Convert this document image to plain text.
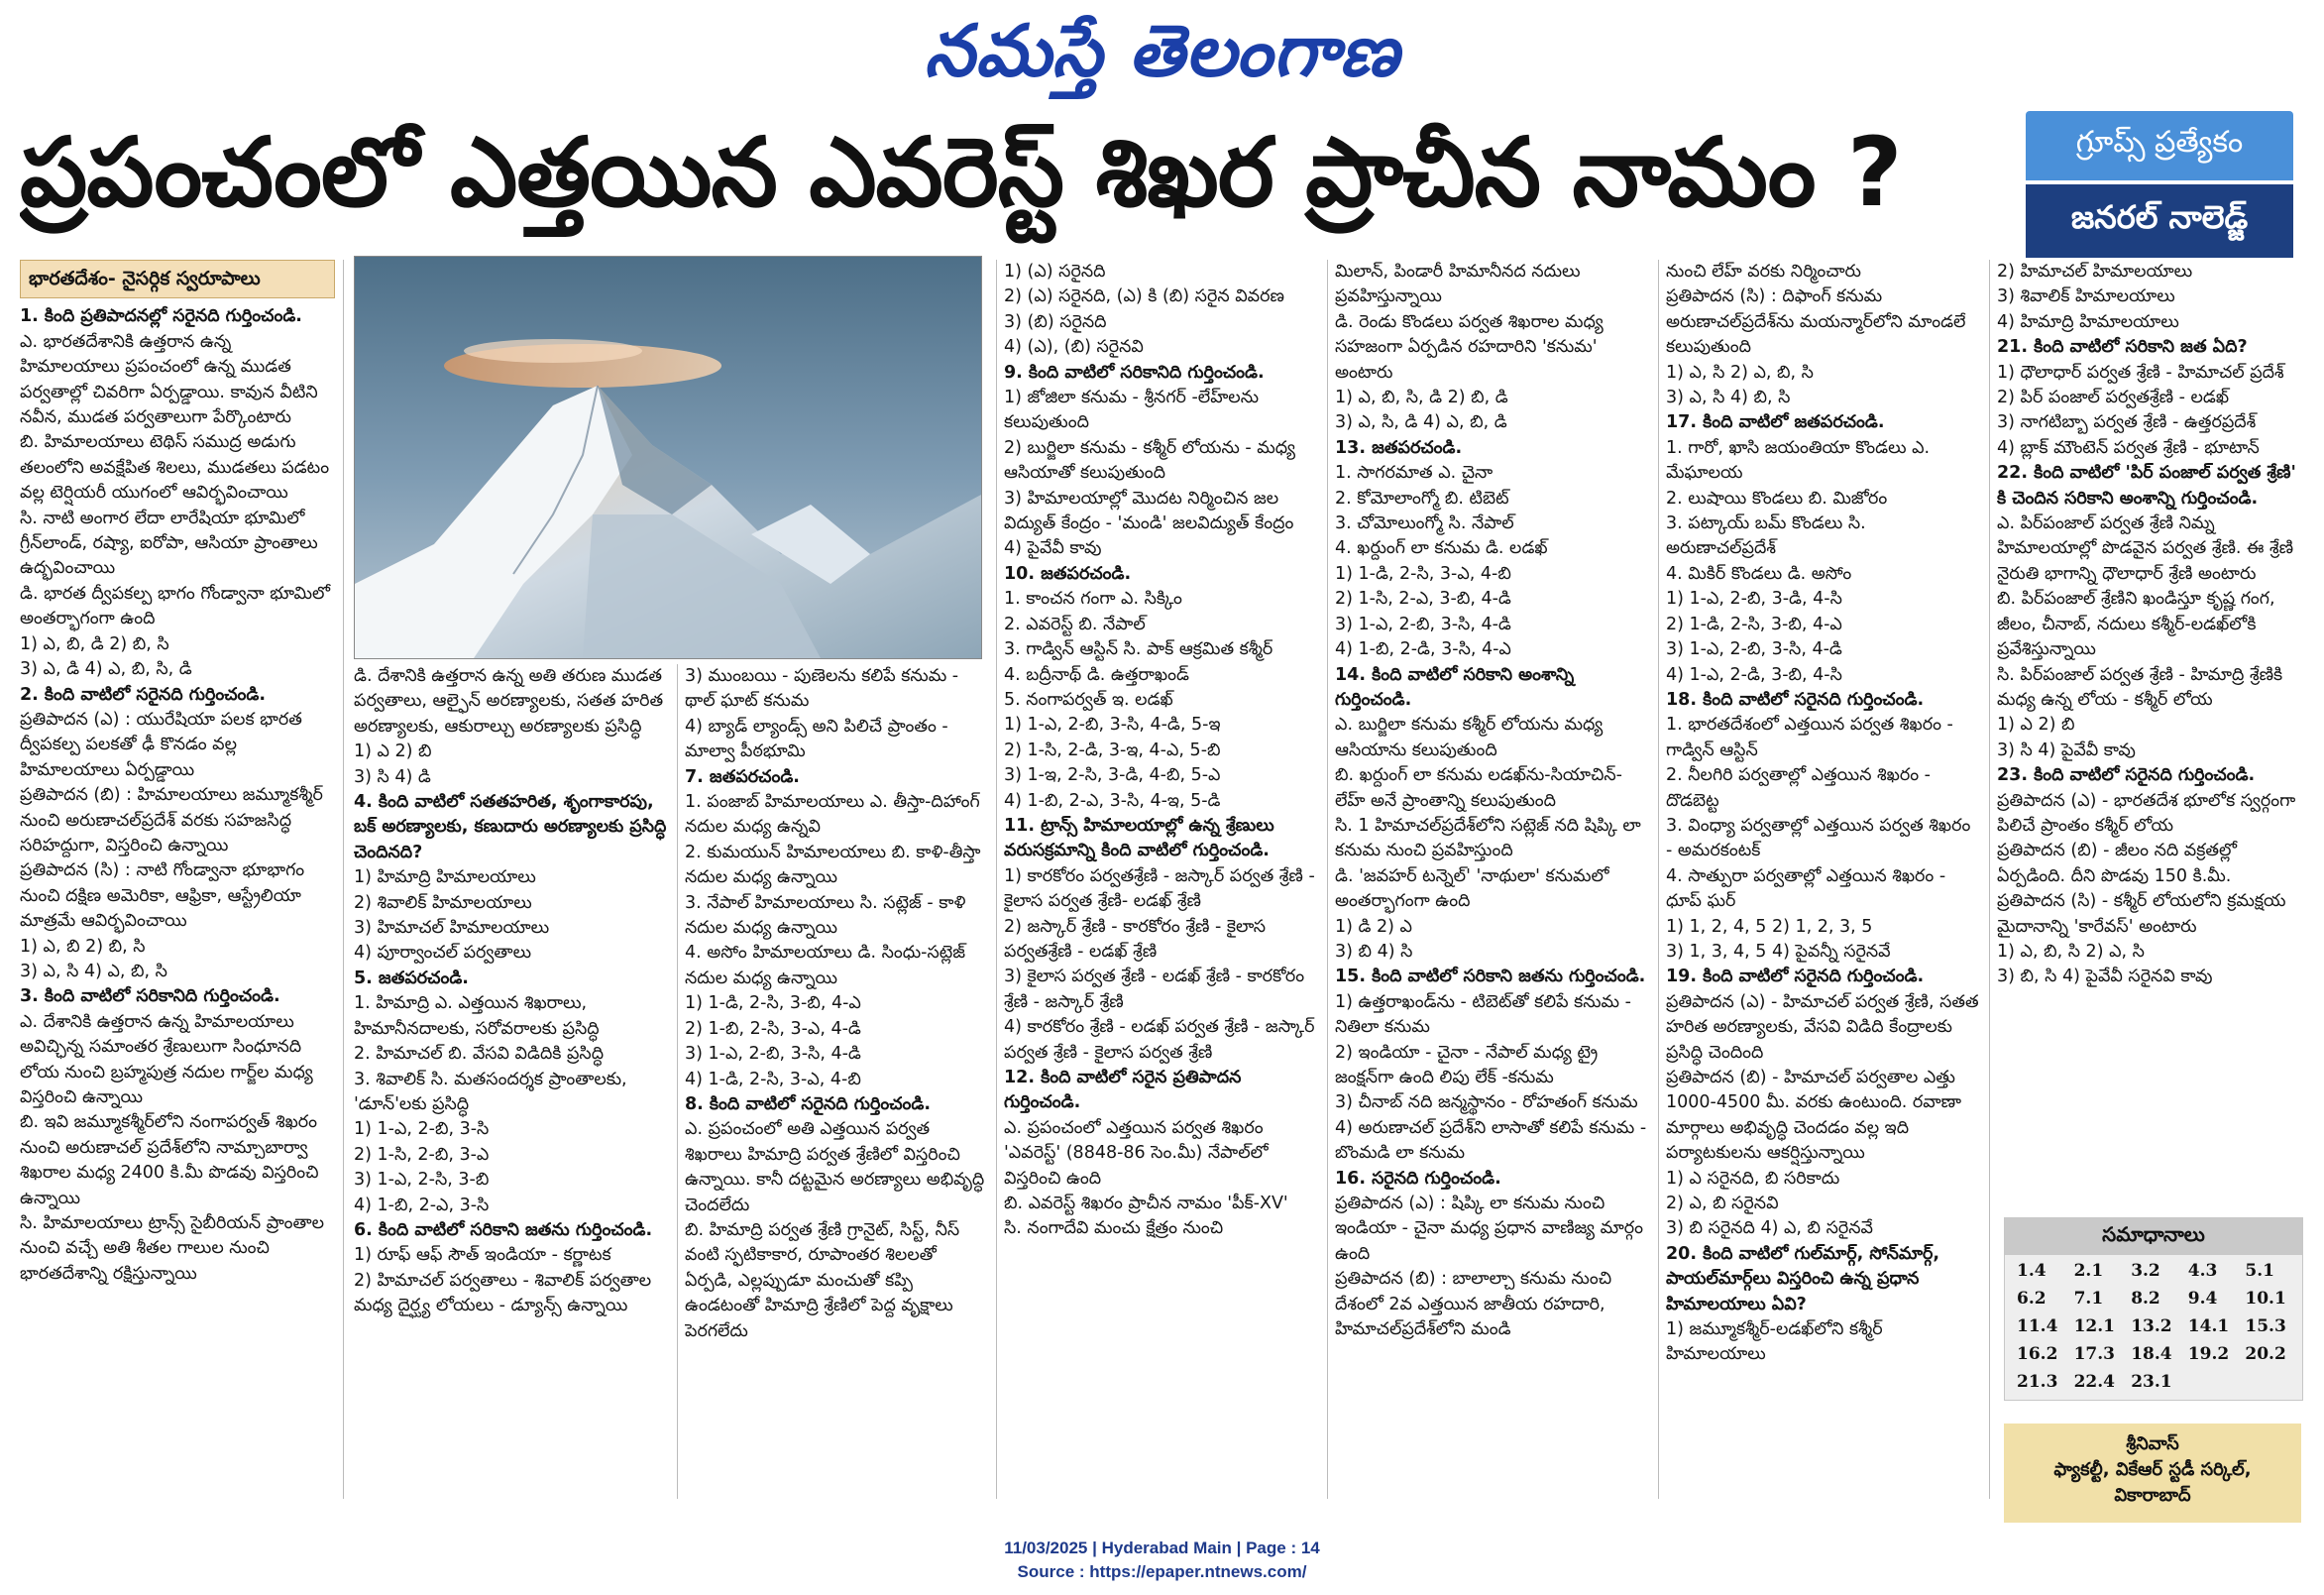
నమస్తే తెలంగాణ
ప్రపంచంలో ఎత్తయిన ఎవరెస్ట్ శిఖర ప్రాచీన నామం ?	గ్రూప్స్ ప్రత్యేకం
జనరల్ నాలెడ్జ్
భారతదేశం- నైసర్గిక స్వరూపాలు

1. కింది ప్రతిపాదనల్లో సరైనది గుర్తించండి.

ఎ. భారతదేశానికి ఉత్తరాన ఉన్న హిమాలయాలు ప్రపంచంలో ఉన్న ముడత పర్వతాల్లో చివరిగా ఏర్పడ్డాయి. కావున వీటిని నవీన, ముడత పర్వతాలుగా పేర్కొంటారు

బి. హిమాలయాలు టెథిస్ సముద్ర అడుగు తలంలోని అవక్షేపిత శిలలు, ముడతలు పడటం వల్ల టెర్షియరీ యుగంలో ఆవిర్భవించాయి

సి. నాటి అంగార లేదా లారేషియా భూమిలో గ్రీన్‌లాండ్, రష్యా, ఐరోపా, ఆసియా ప్రాంతాలు ఉద్భవించాయి

డి. భారత ద్వీపకల్ప భాగం గోండ్వానా భూమిలో అంతర్భాగంగా ఉంది

1) ఎ, బి, డి 2) బి, సి

3) ఎ, డి 4) ఎ, బి, సి, డి

2. కింది వాటిలో సరైనది గుర్తించండి.

ప్రతిపాదన (ఎ) : యురేషియా పలక భారత ద్వీపకల్ప పలకతో ఢీ కొనడం వల్ల హిమాలయాలు ఏర్పడ్డాయి

ప్రతిపాదన (బి) : హిమాలయాలు జమ్మూకశ్మీర్ నుంచి అరుణాచల్‌ప్రదేశ్ వరకు సహజసిద్ధ సరిహద్దుగా, విస్తరించి ఉన్నాయి

ప్రతిపాదన (సి) : నాటి గోండ్వానా భూభాగం నుంచి దక్షిణ అమెరికా, ఆఫ్రికా, ఆస్ట్రేలియా మాత్రమే ఆవిర్భవించాయి

1) ఎ, బి 2) బి, సి

3) ఎ, సి 4) ఎ, బి, సి

3. కింది వాటిలో సరికానిది గుర్తించండి.

ఎ. దేశానికి ఉత్తరాన ఉన్న హిమాలయాలు అవిచ్ఛిన్న సమాంతర శ్రేణులుగా సింధూనది లోయ నుంచి బ్రహ్మపుత్ర నదుల గార్జ్‌ల మధ్య విస్తరించి ఉన్నాయి

బి. ఇవి జమ్మూకశ్మీర్‌లోని నంగాపర్వత్ శిఖరం నుంచి అరుణాచల్ ప్రదేశ్‌లోని నామ్చాబార్వా శిఖరాల మధ్య 2400 కి.మీ పొడవు విస్తరించి ఉన్నాయి

సి. హిమాలయాలు ట్రాన్స్ సైబీరియన్ ప్రాంతాల నుంచి వచ్చే అతి శీతల గాలుల నుంచి భారతదేశాన్ని రక్షిస్తున్నాయి

డి. దేశానికి ఉత్తరాన ఉన్న అతి తరుణ ముడత పర్వతాలు, ఆల్ఫైన్ అరణ్యాలకు, సతత హరిత అరణ్యాలకు, ఆకురాల్చు అరణ్యాలకు ప్రసిద్ధి

1) ఎ 2) బి

3) సి 4) డి

4. కింది వాటిలో సతతహరిత, శృంగాకారపు, బక్ అరణ్యాలకు, కణుదారు అరణ్యాలకు ప్రసిద్ధి చెందినది?

1) హిమాద్రి హిమాలయాలు

2) శివాలిక్ హిమాలయాలు

3) హిమాచల్ హిమాలయాలు

4) పూర్వాంచల్ పర్వతాలు

5. జతపరచండి.

1. హిమాద్రి ఎ. ఎత్తయిన శిఖరాలు, హిమానీనదాలకు, సరోవరాలకు ప్రసిద్ధి

2. హిమాచల్ బి. వేసవి విడిదికి ప్రసిద్ధి

3. శివాలిక్ సి. మతసందర్శక ప్రాంతాలకు, 'డూన్'లకు ప్రసిద్ధి

1) 1-ఎ, 2-బి, 3-సి

2) 1-సి, 2-బి, 3-ఎ

3) 1-ఎ, 2-సి, 3-బి

4) 1-బి, 2-ఎ, 3-సి

6. కింది వాటిలో సరికాని జతను గుర్తించండి.

1) రూఫ్ ఆఫ్ సౌత్ ఇండియా - కర్ణాటక

2) హిమాచల్ పర్వతాలు - శివాలిక్ పర్వతాల మధ్య దైర్ఘ్య లోయలు - డ్యూన్స్ ఉన్నాయి

3) ముంబయి - పుణెలను కలిపే కనుమ - థాల్ ఘాట్ కనుమ

4) బ్యాడ్ ల్యాండ్స్ అని పిలిచే ప్రాంతం - మాల్వా పీఠభూమి

7. జతపరచండి.

1. పంజాబ్ హిమాలయాలు ఎ. తీస్తా-దిహాంగ్ నదుల మధ్య ఉన్నవి

2. కుమయున్ హిమాలయాలు బి. కాళి-తీస్తా నదుల మధ్య ఉన్నాయి

3. నేపాల్ హిమాలయాలు సి. సట్లెజ్ - కాళి నదుల మధ్య ఉన్నాయి

4. అసోం హిమాలయాలు డి. సింధు-సట్లెజ్ నదుల మధ్య ఉన్నాయి

1) 1-డి, 2-సి, 3-బి, 4-ఎ

2) 1-బి, 2-సి, 3-ఎ, 4-డి

3) 1-ఎ, 2-బి, 3-సి, 4-డి

4) 1-డి, 2-సి, 3-ఎ, 4-బి

8. కింది వాటిలో సరైనది గుర్తించండి.

ఎ. ప్రపంచంలో అతి ఎత్తయిన పర్వత శిఖరాలు హిమాద్రి పర్వత శ్రేణిలో విస్తరించి ఉన్నాయి. కానీ దట్టమైన అరణ్యాలు అభివృద్ధి చెందలేదు

బి. హిమాద్రి పర్వత శ్రేణి గ్రానైట్, సిస్ట్, నీస్ వంటి స్ఫటికాకార, రూపాంతర శిలలతో ఏర్పడి, ఎల్లప్పుడూ మంచుతో కప్పి ఉండటంతో హిమాద్రి శ్రేణిలో పెద్ద వృక్షాలు పెరగలేదు

1) (ఎ) సరైనది

2) (ఎ) సరైనది, (ఎ) కి (బి) సరైన వివరణ

3) (బి) సరైనది

4) (ఎ), (బి) సరైనవి

9. కింది వాటిలో సరికానిది గుర్తించండి.

1) జోజిలా కనుమ - శ్రీనగర్ -లేహ్‌లను కలుపుతుంది

2) బుర్జిలా కనుమ - కశ్మీర్ లోయను - మధ్య ఆసియాతో కలుపుతుంది

3) హిమాలయాల్లో మొదట నిర్మించిన జల విద్యుత్ కేంద్రం - 'మండి' జలవిద్యుత్ కేంద్రం

4) పైవేవీ కావు

10. జతపరచండి.

1. కాంచన గంగా ఎ. సిక్కిం

2. ఎవరెస్ట్ బి. నేపాల్

3. గాడ్విన్ ఆస్టిన్ సి. పాక్ ఆక్రమిత కశ్మీర్

4. బద్రీనాథ్ డి. ఉత్తరాఖండ్

5. నంగాపర్వత్ ఇ. లడఖ్

1) 1-ఎ, 2-బి, 3-సి, 4-డి, 5-ఇ

2) 1-సి, 2-డి, 3-ఇ, 4-ఎ, 5-బి

3) 1-ఇ, 2-సి, 3-డి, 4-బి, 5-ఎ

4) 1-బి, 2-ఎ, 3-సి, 4-ఇ, 5-డి

11. ట్రాన్స్ హిమాలయాల్లో ఉన్న శ్రేణులు వరుసక్రమాన్ని కింది వాటిలో గుర్తించండి.

1) కారకోరం పర్వతశ్రేణి - జస్కార్ పర్వత శ్రేణి - కైలాస పర్వత శ్రేణి- లడఖ్ శ్రేణి

2) జస్కార్ శ్రేణి - కారకోరం శ్రేణి - కైలాస పర్వతశ్రేణి - లడఖ్ శ్రేణి

3) కైలాస పర్వత శ్రేణి - లడఖ్ శ్రేణి - కారకోరం శ్రేణి - జస్కార్ శ్రేణి

4) కారకోరం శ్రేణి - లడఖ్ పర్వత శ్రేణి - జస్కార్ పర్వత శ్రేణి - కైలాస పర్వత శ్రేణి

12. కింది వాటిలో సరైన ప్రతిపాదన గుర్తించండి.

ఎ. ప్రపంచంలో ఎత్తయిన పర్వత శిఖరం 'ఎవరెస్ట్' (8848-86 సెం.మీ) నేపాల్‌లో విస్తరించి ఉంది

బి. ఎవరెస్ట్ శిఖరం ప్రాచీన నామం 'పీక్-XV'

సి. నంగాదేవి మంచు క్షేత్రం నుంచి

మిలాన్, పిండారీ హిమానీనద నదులు ప్రవహిస్తున్నాయి

డి. రెండు కొండలు పర్వత శిఖరాల మధ్య సహజంగా ఏర్పడిన రహదారిని 'కనుమ' అంటారు

1) ఎ, బి, సి, డి 2) బి, డి

3) ఎ, సి, డి 4) ఎ, బి, డి

13. జతపరచండి.

1. సాగరమాత ఎ. చైనా

2. కోమోలాంగ్మో బి. టిబెట్

3. చోమోలుంగ్మో సి. నేపాల్

4. ఖర్దుంగ్ లా కనుమ డి. లడఖ్

1) 1-డి, 2-సి, 3-ఎ, 4-బి

2) 1-సి, 2-ఎ, 3-బి, 4-డి

3) 1-ఎ, 2-బి, 3-సి, 4-డి

4) 1-బి, 2-డి, 3-సి, 4-ఎ

14. కింది వాటిలో సరికాని అంశాన్ని గుర్తించండి.

ఎ. బుర్జిలా కనుమ కశ్మీర్ లోయను మధ్య ఆసియాను కలుపుతుంది

బి. ఖర్దుంగ్ లా కనుమ లడఖ్‌ను-సియాచిన్-లేహ్ అనే ప్రాంతాన్ని కలుపుతుంది

సి. 1 హిమాచల్‌ప్రదేశ్‌లోని సట్లెజ్ నది షిప్కి లా కనుమ నుంచి ప్రవహిస్తుంది

డి. 'జవహర్ టన్నెల్' 'నాథులా' కనుమలో అంతర్భాగంగా ఉంది

1) డి 2) ఎ

3) బి 4) సి

15. కింది వాటిలో సరికాని జతను గుర్తించండి.

1) ఉత్తరాఖండ్‌ను - టిబెట్‌తో కలిపే కనుమ - నితిలా కనుమ

2) ఇండియా - చైనా - నేపాల్ మధ్య ట్రై జంక్షన్‌గా ఉంది లిపు లేక్ -కనుమ

3) చీనాబ్ నది జన్మస్థానం - రోహతంగ్ కనుమ

4) అరుణాచల్ ప్రదేశ్‌ని లాసాతో కలిపే కనుమ - బొంమడి లా కనుమ

16. సరైనది గుర్తించండి.

ప్రతిపాదన (ఎ) : షిప్కి లా కనుమ నుంచి ఇండియా - చైనా మధ్య ప్రధాన వాణిజ్య మార్గం ఉంది

ప్రతిపాదన (బి) : బాలాల్చా కనుమ నుంచి దేశంలో 2వ ఎత్తయిన జాతీయ రహదారి, హిమాచల్‌ప్రదేశ్‌లోని మండి

నుంచి లేహ్ వరకు నిర్మించారు

ప్రతిపాదన (సి) : దిఫాంగ్ కనుమ అరుణాచల్‌ప్రదేశ్‌ను మయన్మార్‌లోని మాండలే కలుపుతుంది

1) ఎ, సి 2) ఎ, బి, సి

3) ఎ, సి 4) బి, సి

17. కింది వాటిలో జతపరచండి.

1. గారో, ఖాసి జయంతియా కొండలు ఎ. మేఘాలయ

2. లుషాయి కొండలు బి. మిజోరం

3. పట్కాయ్ బమ్ కొండలు సి. అరుణాచల్‌ప్రదేశ్

4. మికిర్ కొండలు డి. అసోం

1) 1-ఎ, 2-బి, 3-డి, 4-సి

2) 1-డి, 2-సి, 3-బి, 4-ఎ

3) 1-ఎ, 2-బి, 3-సి, 4-డి

4) 1-ఎ, 2-డి, 3-బి, 4-సి

18. కింది వాటిలో సరైనది గుర్తించండి.

1. భారతదేశంలో ఎత్తయిన పర్వత శిఖరం - గాడ్విన్ ఆస్టిన్

2. నీలగిరి పర్వతాల్లో ఎత్తయిన శిఖరం - దొడబెట్ట

3. వింధ్యా పర్వతాల్లో ఎత్తయిన పర్వత శిఖరం - అమరకంటక్

4. సాత్పురా పర్వతాల్లో ఎత్తయిన శిఖరం - ధూప్ ఘర్

1) 1, 2, 4, 5 2) 1, 2, 3, 5

3) 1, 3, 4, 5 4) పైవన్నీ సరైనవే

19. కింది వాటిలో సరైనది గుర్తించండి.

ప్రతిపాదన (ఎ) - హిమాచల్ పర్వత శ్రేణి, సతత హరిత అరణ్యాలకు, వేసవి విడిది కేంద్రాలకు ప్రసిద్ధి చెందింది

ప్రతిపాదన (బి) - హిమాచల్ పర్వతాల ఎత్తు 1000-4500 మీ. వరకు ఉంటుంది. రవాణా మార్గాలు అభివృద్ధి చెందడం వల్ల ఇది పర్యాటకులను ఆకర్షిస్తున్నాయి

1) ఎ సరైనది, బి సరికాదు

2) ఎ, బి సరైనవి

3) బి సరైనది 4) ఎ, బి సరైనవే

20. కింది వాటిలో గుల్‌మార్గ్, సోన్‌మార్గ్, పాయల్‌మార్గ్‌లు విస్తరించి ఉన్న ప్రధాన హిమాలయాలు ఏవి?

1) జమ్మూకశ్మీర్-లడఖ్‌లోని కశ్మీర్ హిమాలయాలు

2) హిమాచల్ హిమాలయాలు

3) శివాలిక్ హిమాలయాలు

4) హిమాద్రి హిమాలయాలు

21. కింది వాటిలో సరికాని జత ఏది?

1) ధౌలాధార్ పర్వత శ్రేణి - హిమాచల్ ప్రదేశ్

2) పిర్ పంజాల్ పర్వతశ్రేణి - లడఖ్

3) నాగటిబ్బా పర్వత శ్రేణి - ఉత్తరప్రదేశ్

4) బ్లాక్ మౌంటెన్ పర్వత శ్రేణి - భూటాన్

22. కింది వాటిలో 'పిర్ పంజాల్ పర్వత శ్రేణి' కి చెందిన సరికాని అంశాన్ని గుర్తించండి.

ఎ. పిర్‌పంజాల్ పర్వత శ్రేణి నిమ్న హిమాలయాల్లో పొడవైన పర్వత శ్రేణి. ఈ శ్రేణి నైరుతి భాగాన్ని ధౌలాధార్ శ్రేణి అంటారు

బి. పిర్‌పంజాల్ శ్రేణిని ఖండిస్తూ కృష్ణ గంగ, జీలం, చీనాబ్, నదులు కశ్మీర్-లడఖ్‌లోకి ప్రవేశిస్తున్నాయి

సి. పిర్‌పంజాల్ పర్వత శ్రేణి - హిమాద్రి శ్రేణికి మధ్య ఉన్న లోయ - కశ్మీర్ లోయ

1) ఎ 2) బి

3) సి 4) పైవేవీ కావు

23. కింది వాటిలో సరైనది గుర్తించండి.

ప్రతిపాదన (ఎ) - భారతదేశ భూలోక స్వర్గంగా పిలిచే ప్రాంతం కశ్మీర్ లోయ

ప్రతిపాదన (బి) - జీలం నది వక్రతల్లో ఏర్పడింది. దీని పొడవు 150 కి.మీ.

ప్రతిపాదన (సి) - కశ్మీర్ లోయలోని క్రమక్షయ మైదానాన్ని 'కారేవస్' అంటారు

1) ఎ, బి, సి 2) ఎ, సి

3) బి, సి 4) పైవేవీ సరైనవి కావు

సమాధానాలు
1.4	2.1	3.2	4.3	5.1
6.2	7.1	8.2	9.4	10.1
11.4 12.1 13.2 14.1 15.3
16.2 17.3 18.4 19.2 20.2
21.3 22.4 23.1
శ్రీనివాస్
ఫ్యాకల్టీ, వికేఆర్ స్టడీ సర్కిల్,
వికారాబాద్
11/03/2025 | Hyderabad Main | Page : 14
Source : https://epaper.ntnews.com/
